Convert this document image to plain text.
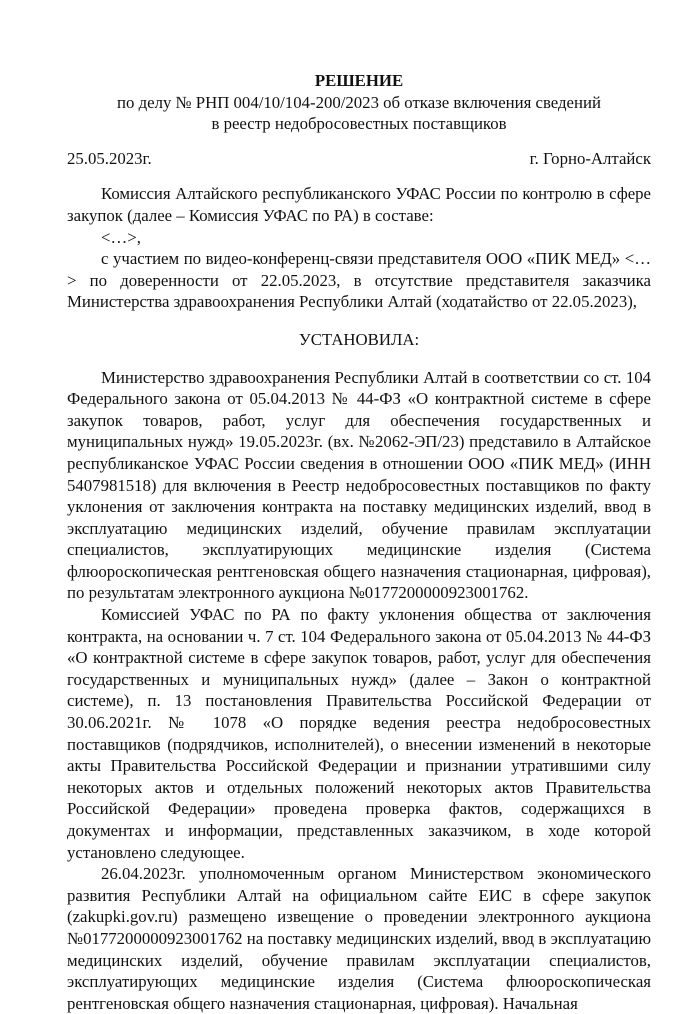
РЕШЕНИЕ

по делу № РНП 004/10/104-200/2023 об отказе включения сведений

в реестр недобросовестных поставщиков

25.05.2023г.	г. Горно-Алтайск

Комиссия Алтайского республиканского УФАС России по контролю в сфере закупок (далее – Комиссия УФАС по РА) в составе:

<…>,

с участием по видео-конференц-связи представителя ООО «ПИК МЕД» <…> по доверенности от 22.05.2023, в отсутствие представителя заказчика Министерства здравоохранения Республики Алтай (ходатайство от 22.05.2023),

УСТАНОВИЛА:

Министерство здравоохранения Республики Алтай в соответствии со ст. 104 Федерального закона от 05.04.2013 № 44-ФЗ «О контрактной системе в сфере закупок товаров, работ, услуг для обеспечения государственных и муниципальных нужд» 19.05.2023г. (вх. №2062-ЭП/23) представило в Алтайское республиканское УФАС России сведения в отношении ООО «ПИК МЕД» (ИНН 5407981518) для включения в Реестр недобросовестных поставщиков по факту уклонения от заключения контракта на поставку медицинских изделий, ввод в эксплуатацию медицинских изделий, обучение правилам эксплуатации специалистов, эксплуатирующих медицинские изделия (Система флюороскопическая рентгеновская общего назначения стационарная, цифровая), по результатам электронного аукциона №0177200000923001762.

Комиссией УФАС по РА по факту уклонения общества от заключения контракта, на основании ч. 7 ст. 104 Федерального закона от 05.04.2013 № 44-ФЗ «О контрактной системе в сфере закупок товаров, работ, услуг для обеспечения государственных и муниципальных нужд» (далее – Закон о контрактной системе), п. 13 постановления Правительства Российской Федерации от 30.06.2021г. № 1078 «О порядке ведения реестра недобросовестных поставщиков (подрядчиков, исполнителей), о внесении изменений в некоторые акты Правительства Российской Федерации и признании утратившими силу некоторых актов и отдельных положений некоторых актов Правительства Российской Федерации» проведена проверка фактов, содержащихся в документах и информации, представленных заказчиком, в ходе которой установлено следующее.

26.04.2023г. уполномоченным органом Министерством экономического развития Республики Алтай на официальном сайте ЕИС в сфере закупок (zakupki.gov.ru) размещено извещение о проведении электронного аукциона №0177200000923001762 на поставку медицинских изделий, ввод в эксплуатацию медицинских изделий, обучение правилам эксплуатации специалистов, эксплуатирующих медицинские изделия (Система флюороскопическая рентгеновская общего назначения стационарная, цифровая). Начальная
